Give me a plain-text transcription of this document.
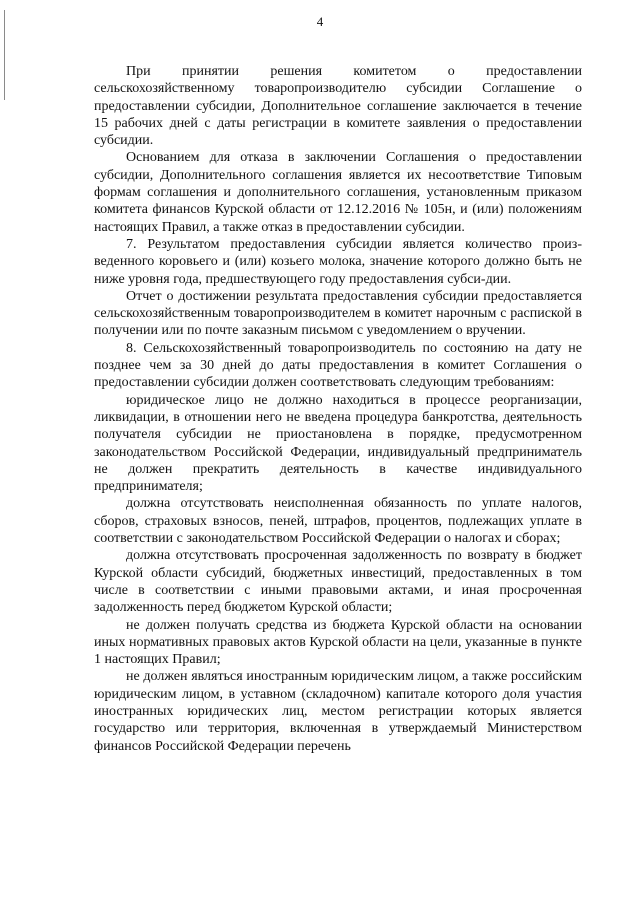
4

При принятии решения комитетом о предоставлении сельскохозяйственному товаропроизводителю субсидии Соглашение о предоставлении субсидии, Дополнительное соглашение заключается в течение 15 рабочих дней с даты регистрации в комитете заявления о предоставлении субсидии.

Основанием для отказа в заключении Соглашения о предоставлении субсидии, Дополнительного соглашения является их несоответствие Типовым формам соглашения и дополнительного соглашения, установленным приказом комитета финансов Курской области от 12.12.2016 № 105н, и (или) положениям настоящих Правил, а также отказ в предоставлении субсидии.

7. Результатом предоставления субсидии является количество произ-веденного коровьего и (или) козьего молока, значение которого должно быть не ниже уровня года, предшествующего году предоставления субси-дии.

Отчет о достижении результата предоставления субсидии предоставляется сельскохозяйственным товаропроизводителем в комитет нарочным с распиской в получении или по почте заказным письмом с уведомлением о вручении.

8. Сельскохозяйственный товаропроизводитель по состоянию на дату не позднее чем за 30 дней до даты предоставления в комитет Соглашения о предоставлении субсидии должен соответствовать следующим требованиям:

юридическое лицо не должно находиться в процессе реорганизации, ликвидации, в отношении него не введена процедура банкротства, деятельность получателя субсидии не приостановлена в порядке, предусмотренном законодательством Российской Федерации, индивидуальный предприниматель не должен прекратить деятельность в качестве индивидуального предпринимателя;

должна отсутствовать неисполненная обязанность по уплате налогов, сборов, страховых взносов, пеней, штрафов, процентов, подлежащих уплате в соответствии с законодательством Российской Федерации о налогах и сборах;

должна отсутствовать просроченная задолженность по возврату в бюджет Курской области субсидий, бюджетных инвестиций, предоставленных в том числе в соответствии с иными правовыми актами, и иная просроченная задолженность перед бюджетом Курской области;

не должен получать средства из бюджета Курской области на основании иных нормативных правовых актов Курской области на цели, указанные в пункте 1 настоящих Правил;

не должен являться иностранным юридическим лицом, а также российским юридическим лицом, в уставном (складочном) капитале которого доля участия иностранных юридических лиц, местом регистрации которых является государство или территория, включенная в утверждаемый Министерством финансов Российской Федерации перечень
